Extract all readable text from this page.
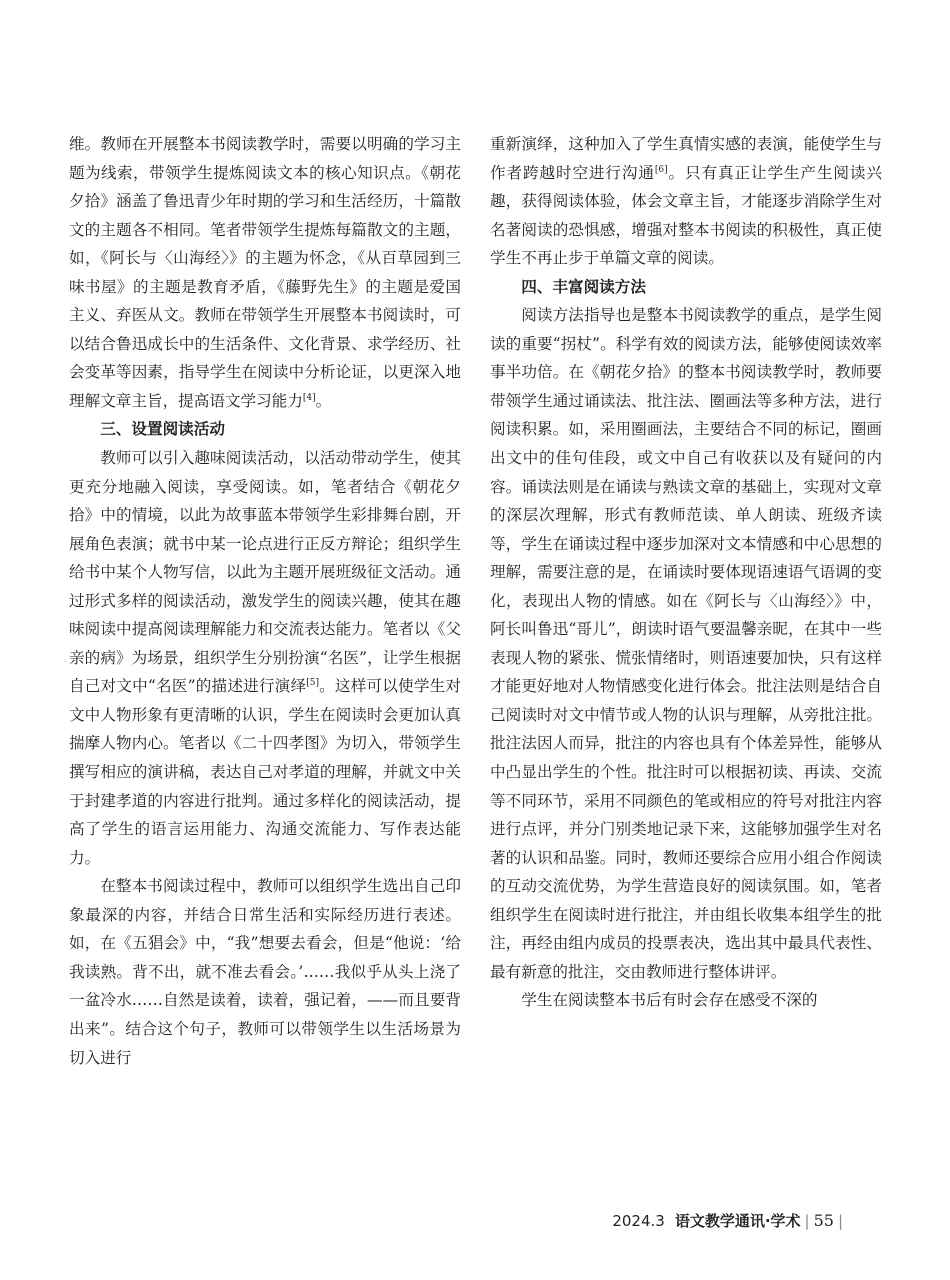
维。教师在开展整本书阅读教学时，需要以明确的学习主题为线索，带领学生提炼阅读文本的核心知识点。《朝花夕拾》涵盖了鲁迅青少年时期的学习和生活经历，十篇散文的主题各不相同。笔者带领学生提炼每篇散文的主题，如，《阿长与〈山海经〉》的主题为怀念，《从百草园到三味书屋》的主题是教育矛盾，《藤野先生》的主题是爱国主义、弃医从文。教师在带领学生开展整本书阅读时，可以结合鲁迅成长中的生活条件、文化背景、求学经历、社会变革等因素，指导学生在阅读中分析论证，以更深入地理解文章主旨，提高语文学习能力[4]。

三、设置阅读活动

教师可以引入趣味阅读活动，以活动带动学生，使其更充分地融入阅读，享受阅读。如，笔者结合《朝花夕拾》中的情境，以此为故事蓝本带领学生彩排舞台剧，开展角色表演；就书中某一论点进行正反方辩论；组织学生给书中某个人物写信，以此为主题开展班级征文活动。通过形式多样的阅读活动，激发学生的阅读兴趣，使其在趣味阅读中提高阅读理解能力和交流表达能力。笔者以《父亲的病》为场景，组织学生分别扮演“名医”，让学生根据自己对文中“名医”的描述进行演绎[5]。这样可以使学生对文中人物形象有更清晰的认识，学生在阅读时会更加认真揣摩人物内心。笔者以《二十四孝图》为切入，带领学生撰写相应的演讲稿，表达自己对孝道的理解，并就文中关于封建孝道的内容进行批判。通过多样化的阅读活动，提高了学生的语言运用能力、沟通交流能力、写作表达能力。

在整本书阅读过程中，教师可以组织学生选出自己印象最深的内容，并结合日常生活和实际经历进行表述。如，在《五猖会》中，“我”想要去看会，但是“他说：‘给我读熟。背不出，就不准去看会。’……我似乎从头上浇了一盆冷水……自然是读着，读着，强记着，——而且要背出来”。结合这个句子，教师可以带领学生以生活场景为切入进行

重新演绎，这种加入了学生真情实感的表演，能使学生与作者跨越时空进行沟通[6]。只有真正让学生产生阅读兴趣，获得阅读体验，体会文章主旨，才能逐步消除学生对名著阅读的恐惧感，增强对整本书阅读的积极性，真正使学生不再止步于单篇文章的阅读。

四、丰富阅读方法

阅读方法指导也是整本书阅读教学的重点，是学生阅读的重要“拐杖”。科学有效的阅读方法，能够使阅读效率事半功倍。在《朝花夕拾》的整本书阅读教学时，教师要带领学生通过诵读法、批注法、圈画法等多种方法，进行阅读积累。如，采用圈画法，主要结合不同的标记，圈画出文中的佳句佳段，或文中自己有收获以及有疑问的内容。诵读法则是在诵读与熟读文章的基础上，实现对文章的深层次理解，形式有教师范读、单人朗读、班级齐读等，学生在诵读过程中逐步加深对文本情感和中心思想的理解，需要注意的是，在诵读时要体现语速语气语调的变化，表现出人物的情感。如在《阿长与〈山海经〉》中，阿长叫鲁迅“哥儿”，朗读时语气要温馨亲昵，在其中一些表现人物的紧张、慌张情绪时，则语速要加快，只有这样才能更好地对人物情感变化进行体会。批注法则是结合自己阅读时对文中情节或人物的认识与理解，从旁批注批。批注法因人而异，批注的内容也具有个体差异性，能够从中凸显出学生的个性。批注时可以根据初读、再读、交流等不同环节，采用不同颜色的笔或相应的符号对批注内容进行点评，并分门别类地记录下来，这能够加强学生对名著的认识和品鉴。同时，教师还要综合应用小组合作阅读的互动交流优势，为学生营造良好的阅读氛围。如，笔者组织学生在阅读时进行批注，并由组长收集本组学生的批注，再经由组内成员的投票表决，选出其中最具代表性、最有新意的批注，交由教师进行整体讲评。

学生在阅读整本书后有时会存在感受不深的

2024.3 语文教学通讯·学术 | 55 |
